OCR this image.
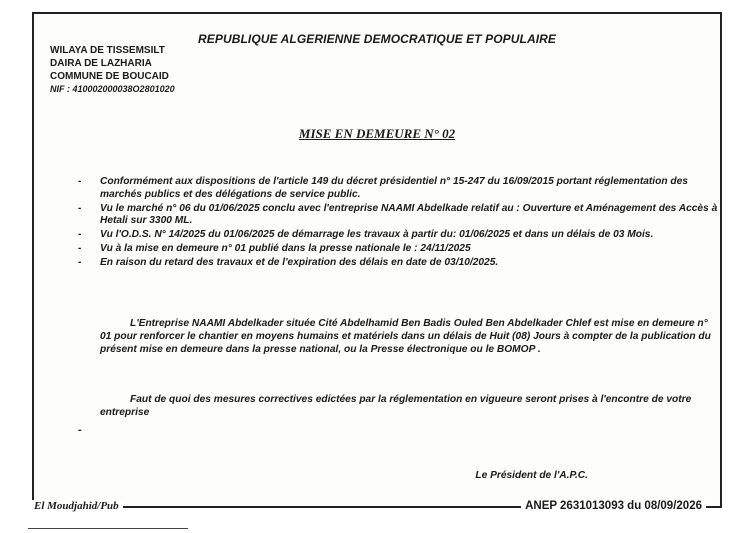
REPUBLIQUE ALGERIENNE DEMOCRATIQUE ET POPULAIRE
WILAYA DE TISSEMSILT
DAIRA DE LAZHARIA
COMMUNE DE BOUCAID
NIF : 410002000038O2801020
MISE EN DEMEURE N° 02
- Conformément aux dispositions de l'article 149 du décret présidentiel n° 15-247 du 16/09/2015 portant réglementation des marchés publics et des délégations de service public.
- Vu le marché n° 06 du 01/06/2025 conclu avec l'entreprise NAAMI Abdelkade relatif au : Ouverture et Aménagement des Accès à Hetali sur 3300 ML.
- Vu l'O.D.S. N° 14/2025 du 01/06/2025 de démarrage les travaux à partir du: 01/06/2025 et dans un délais de 03 Mois.
- Vu à la mise en demeure n° 01 publié dans la presse nationale le : 24/11/2025
- En raison du retard des travaux et de l'expiration des délais en date de 03/10/2025.

L'Entreprise NAAMI Abdelkader située Cité Abdelhamid Ben Badis Ouled Ben Abdelkader Chlef est mise en demeure n° 01 pour renforcer le chantier en moyens humains et matériels dans un délais de Huit (08) Jours à compter de la publication du présent mise en demeure dans la presse national, ou la Presse électronique ou le BOMOP .

Faut de quoi des mesures correctives edictées par la réglementation en vigueure seront prises à l'encontre de votre entreprise

-
Le Président de l'A.P.C.
El Moudjahid/Pub	ANEP 2631013093 du 08/09/2026
